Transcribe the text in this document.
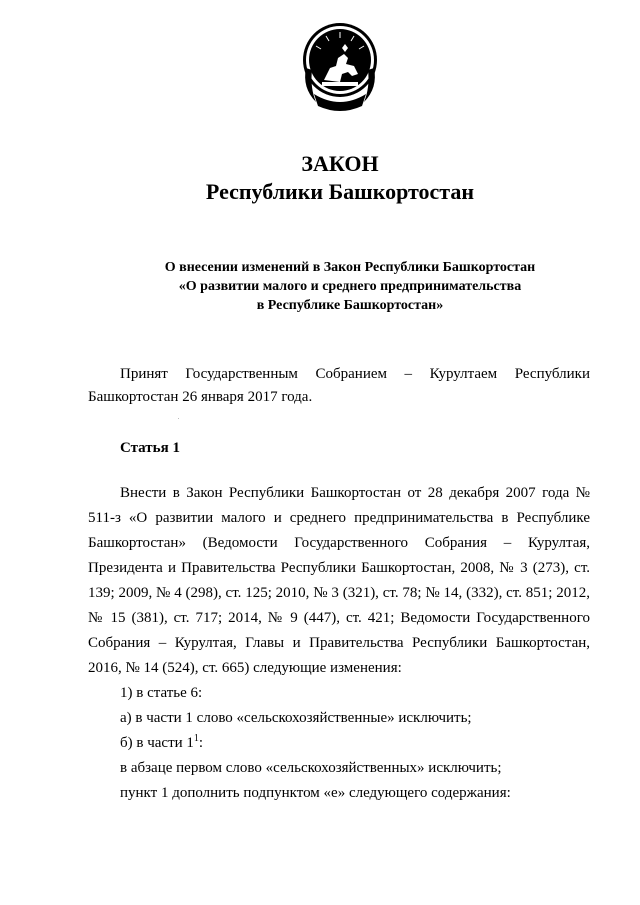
ЗАКОН
Республики Башкортостан
О внесении изменений в Закон Республики Башкортостан
«О развитии малого и среднего предпринимательства
в Республике Башкортостан»
Принят Государственным Собранием – Курултаем Республики Башкортостан 26 января 2017 года.
Статья 1

Внести в Закон Республики Башкортостан от 28 декабря 2007 года № 511-з «О развитии малого и среднего предпринимательства в Республике Башкортостан» (Ведомости Государственного Собрания – Курултая, Президента и Правительства Республики Башкортостан, 2008, № 3 (273), ст. 139; 2009, № 4 (298), ст. 125; 2010, № 3 (321), ст. 78; № 14, (332), ст. 851; 2012, № 15 (381), ст. 717; 2014, № 9 (447), ст. 421; Ведомости Государственного Собрания – Курултая, Главы и Правительства Республики Башкортостан, 2016, № 14 (524), ст. 665) следующие изменения:

1) в статье 6:

а) в части 1 слово «сельскохозяйственные» исключить;

б) в части $1^1$:

в абзаце первом слово «сельскохозяйственных» исключить;

пункт 1 дополнить подпунктом «е» следующего содержания:
